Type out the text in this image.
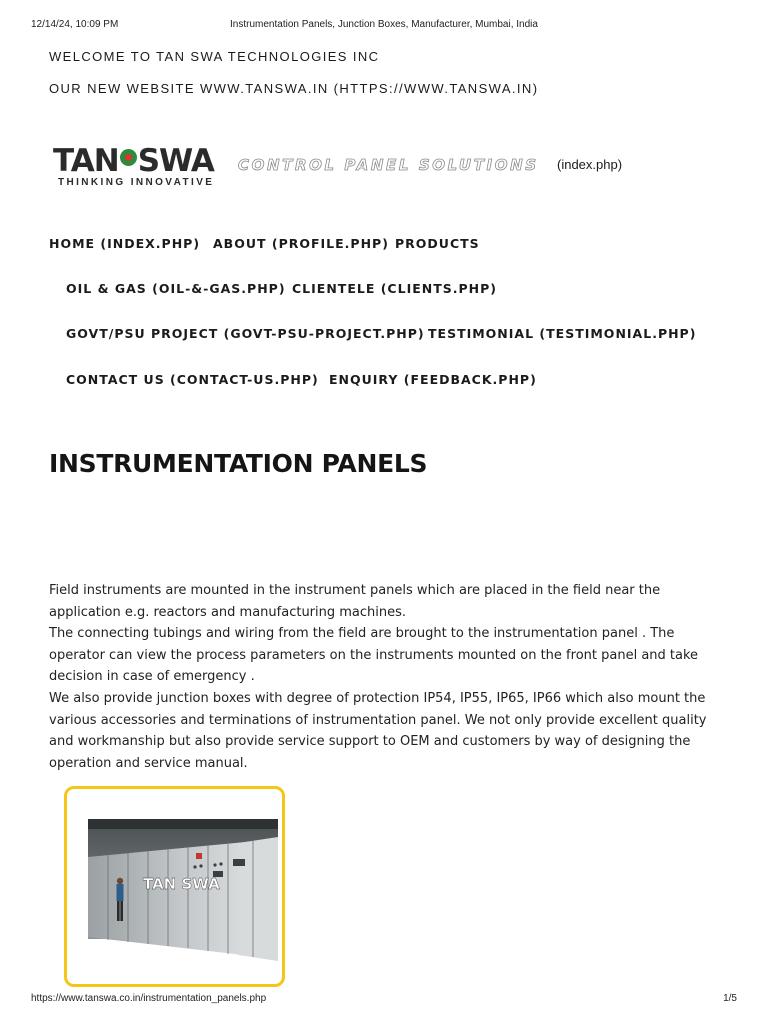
12/14/24, 10:09 PM	Instrumentation Panels, Junction Boxes, Manufacturer, Mumbai, India
WELCOME TO TAN SWA TECHNOLOGIES INC
OUR NEW WEBSITE WWW.TANSWA.IN (HTTPS://WWW.TANSWA.IN)
TAN SWA
THINKING INNOVATIVE
CONTROL PANEL SOLUTIONS (index.php)
HOME (INDEX.PHP) ABOUT (PROFILE.PHP) PRODUCTS
OIL & GAS (OIL-&-GAS.PHP) CLIENTELE (CLIENTS.PHP)
GOVT/PSU PROJECT (GOVT-PSU-PROJECT.PHP) TESTIMONIAL (TESTIMONIAL.PHP)
CONTACT US (CONTACT-US.PHP) ENQUIRY (FEEDBACK.PHP)
INSTRUMENTATION PANELS

Field instruments are mounted in the instrument panels which are placed in the field near the application e.g. reactors and manufacturing machines.

The connecting tubings and wiring from the field are brought to the instrumentation panel . The operator can view the process parameters on the instruments mounted on the front panel and take decision in case of emergency .

We also provide junction boxes with degree of protection IP54, IP55, IP65, IP66 which also mount the various accessories and terminations of instrumentation panel. We not only provide excellent quality and workmanship but also provide service support to OEM and customers by way of designing the operation and service manual.

TAN SWA
https://www.tanswa.co.in/instrumentation_panels.php	1/5
